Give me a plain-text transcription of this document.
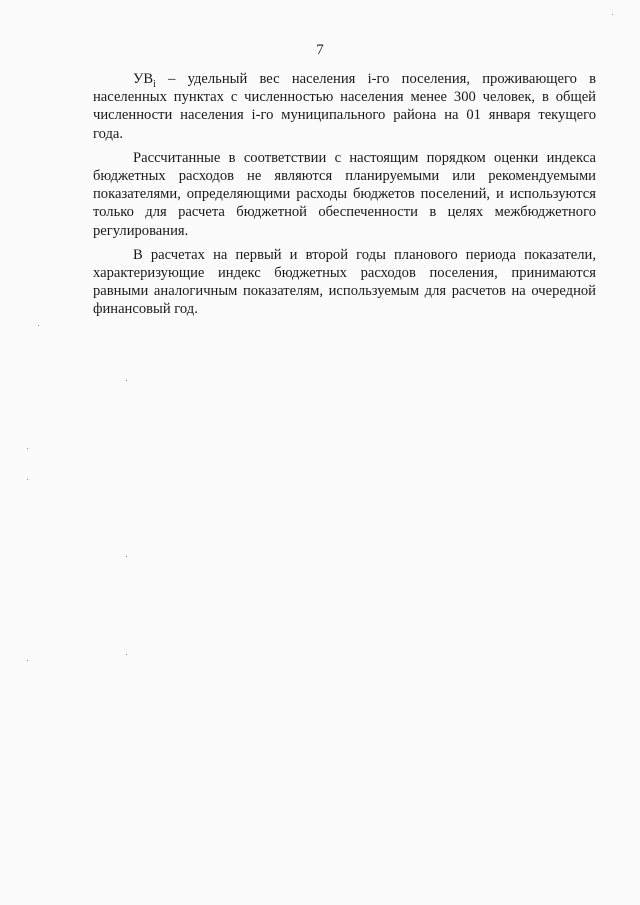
7

$УВ_i$ – удельный вес населения i-го поселения, проживающего в населенных пунктах с численностью населения менее 300 человек, в общей численности населения i-го муниципального района на 01 января текущего года.

Рассчитанные в соответствии с настоящим порядком оценки индекса бюджетных расходов не являются планируемыми или рекомендуемыми показателями, определяющими расходы бюджетов поселений, и используются только для расчета бюджетной обеспеченности в целях межбюджетного регулирования.

В расчетах на первый и второй годы планового периода показатели, характеризующие индекс бюджетных расходов поселения, принимаются равными аналогичным показателям, используемым для расчетов на очередной финансовый год.
